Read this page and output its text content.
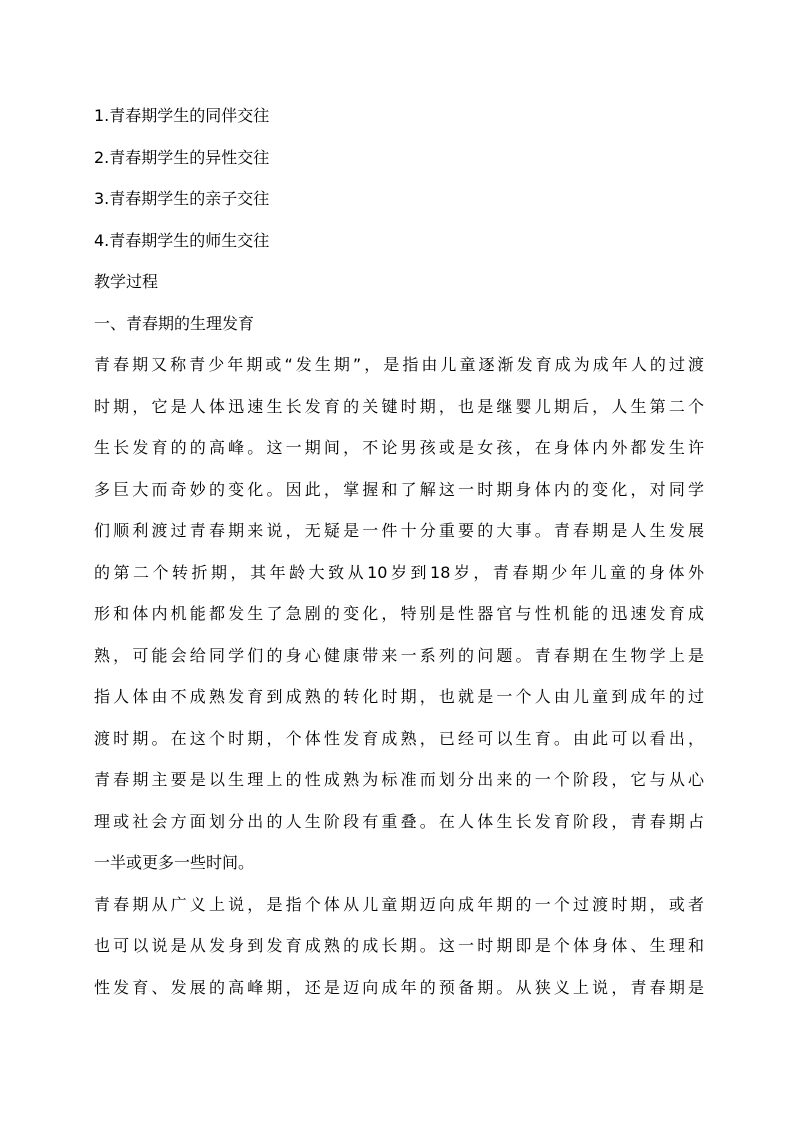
1.青春期学生的同伴交往
2.青春期学生的异性交往
3.青春期学生的亲子交往
4.青春期学生的师生交往
教学过程
一、青春期的生理发育
青春期又称青少年期或“发生期”，是指由儿童逐渐发育成为成年人的过渡
时期，它是人体迅速生长发育的关键时期，也是继婴儿期后，人生第二个
生长发育的的高峰。这一期间，不论男孩或是女孩，在身体内外都发生许
多巨大而奇妙的变化。因此，掌握和了解这一时期身体内的变化，对同学
们顺利渡过青春期来说，无疑是一件十分重要的大事。青春期是人生发展
的第二个转折期，其年龄大致从10岁到18岁，青春期少年儿童的身体外
形和体内机能都发生了急剧的变化，特别是性器官与性机能的迅速发育成
熟，可能会给同学们的身心健康带来一系列的问题。青春期在生物学上是
指人体由不成熟发育到成熟的转化时期，也就是一个人由儿童到成年的过
渡时期。在这个时期，个体性发育成熟，已经可以生育。由此可以看出，
青春期主要是以生理上的性成熟为标准而划分出来的一个阶段，它与从心
理或社会方面划分出的人生阶段有重叠。在人体生长发育阶段，青春期占
一半或更多一些时间。
青春期从广义上说，是指个体从儿童期迈向成年期的一个过渡时期，或者
也可以说是从发身到发育成熟的成长期。这一时期即是个体身体、生理和
性发育、发展的高峰期，还是迈向成年的预备期。从狭义上说，青春期是
